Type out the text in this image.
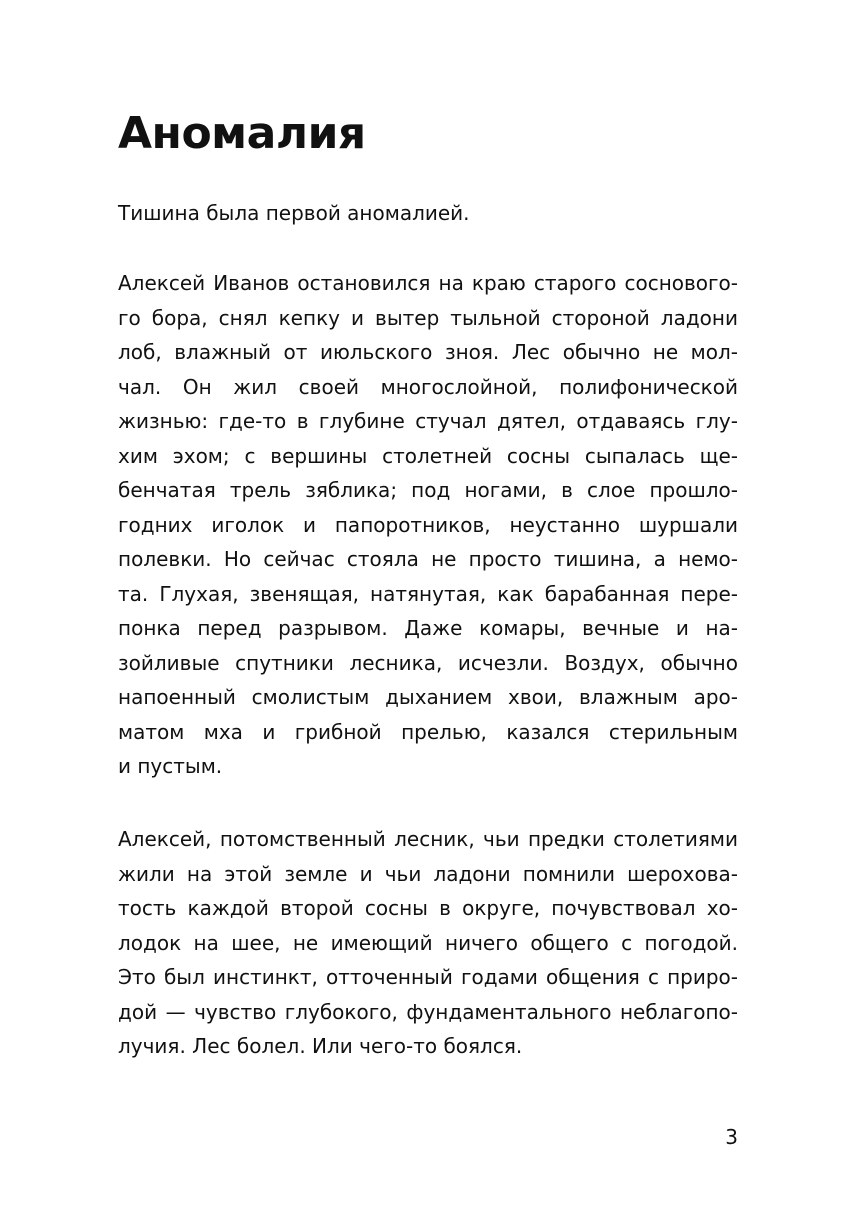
Аномалия

Тишина была первой аномалией.

Алексей Иванов остановился на краю старого соснового-
го бора, снял кепку и вытер тыльной стороной ладони
лоб, влажный от июльского зноя. Лес обычно не мол-
чал. Он жил своей многослойной, полифонической
жизнью: где-то в глубине стучал дятел, отдаваясь глу-
хим эхом; с вершины столетней сосны сыпалась ще-
бенчатая трель зяблика; под ногами, в слое прошло-
годних иголок и папоротников, неустанно шуршали
полевки. Но сейчас стояла не просто тишина, а немо-
та. Глухая, звенящая, натянутая, как барабанная пере-
понка перед разрывом. Даже комары, вечные и на-
зойливые спутники лесника, исчезли. Воздух, обычно
напоенный смолистым дыханием хвои, влажным аро-
матом мха и грибной прелью, казался стерильным
и пустым.

Алексей, потомственный лесник, чьи предки столетиями
жили на этой земле и чьи ладони помнили шерохова-
тость каждой второй сосны в округе, почувствовал хо-
лодок на шее, не имеющий ничего общего с погодой.
Это был инстинкт, отточенный годами общения с приро-
дой — чувство глубокого, фундаментального неблагопо-
лучия. Лес болел. Или чего-то боялся.

3
